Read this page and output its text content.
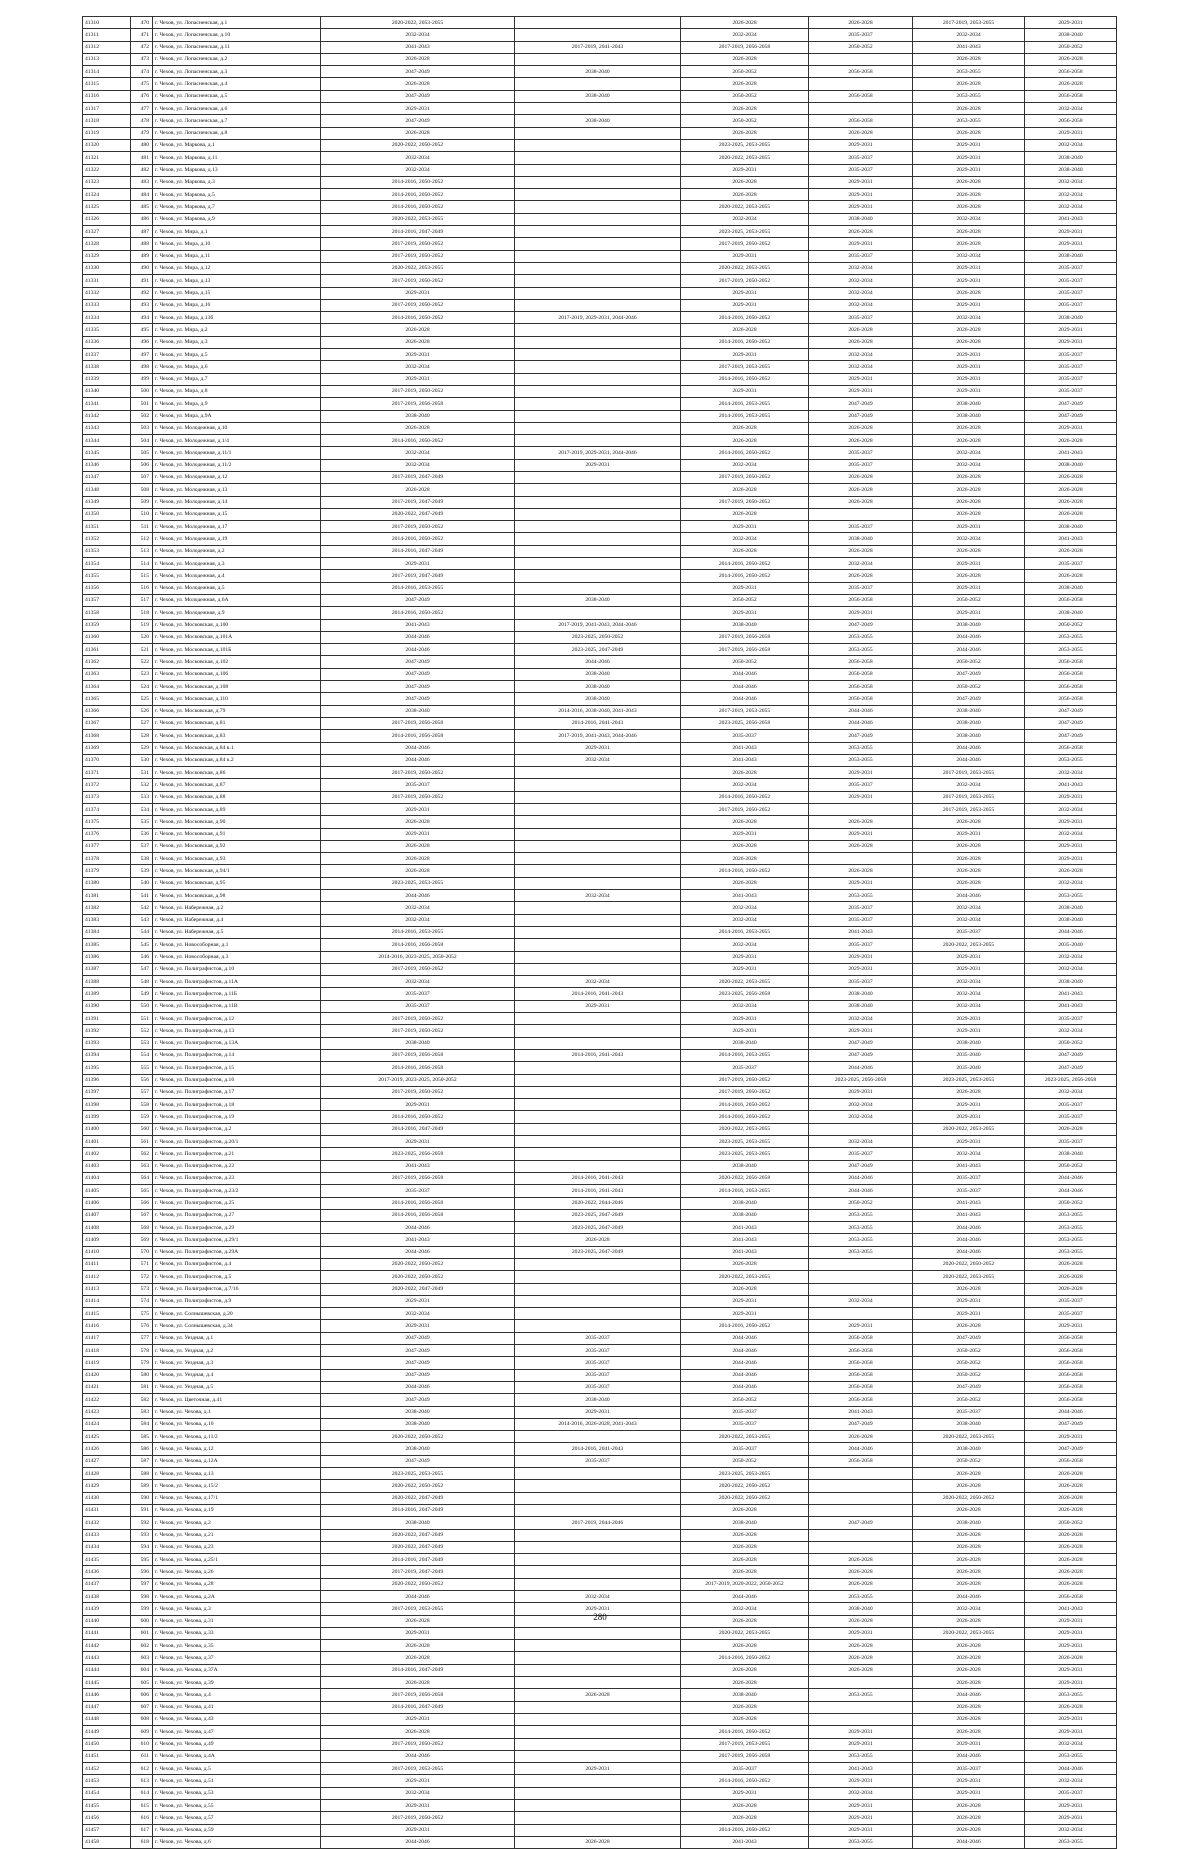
41310	470	г. Чехов, ул. Лопасненская, д.1	2020-2022, 2053-2055		2026-2028	2026-2028	2017-2019, 2053-2055	2029-2031
41311	471	г. Чехов, ул. Лопасненская, д.10	2032-2034		2032-2034	2035-2037	2032-2034	2038-2040
41312	472	г. Чехов, ул. Лопасненская, д.11	2041-2043	2017-2019, 2041-2043	2017-2019, 2056-2058	2050-2052	2041-2043	2050-2052
41313	473	г. Чехов, ул. Лопасненская, д.2	2026-2028		2026-2028		2026-2028	2026-2028
41314	474	г. Чехов, ул. Лопасненская, д.3	2047-2049	2038-2040	2050-2052	2056-2058	2053-2055	2056-2058
41315	475	г. Чехов, ул. Лопасненская, д.4	2026-2028		2026-2028		2026-2028	2026-2028
41316	476	г. Чехов, ул. Лопасненская, д.5	2047-2049	2038-2040	2050-2052	2056-2058	2053-2055	2056-2058
41317	477	г. Чехов, ул. Лопасненская, д.6	2029-2031		2026-2028		2026-2028	2032-2034
41318	478	г. Чехов, ул. Лопасненская, д.7	2047-2049	2038-2040	2050-2052	2056-2058	2053-2055	2056-2058
41319	479	г. Чехов, ул. Лопасненская, д.8	2026-2028		2026-2028	2026-2028	2026-2028	2029-2031
41320	480	г. Чехов, ул. Маркова, д.1	2020-2022, 2050-2052		2023-2025, 2053-2055	2029-2031	2029-2031	2032-2034
41321	481	г. Чехов, ул. Маркова, д.11	2032-2034		2020-2022, 2053-2055	2035-2037	2029-2031	2038-2040
41322	482	г. Чехов, ул. Маркова, д.13	2032-2034		2029-2031	2035-2037	2029-2031	2038-2040
41323	483	г. Чехов, ул. Маркова, д.3	2014-2016, 2050-2052		2026-2028	2029-2031	2026-2028	2032-2034
41324	484	г. Чехов, ул. Маркова, д.5	2014-2016, 2050-2052		2026-2028	2029-2031	2026-2028	2032-2034
41325	485	г. Чехов, ул. Маркова, д.7	2014-2016, 2050-2052		2020-2022, 2053-2055	2029-2031	2026-2028	2032-2034
41326	486	г. Чехов, ул. Маркова, д.9	2020-2022, 2053-2055		2032-2034	2038-2040	2032-2034	2041-2043
41327	487	г. Чехов, ул. Мира, д.1	2014-2016, 2047-2049		2023-2025, 2053-2055	2026-2028	2026-2028	2029-2031
41328	488	г. Чехов, ул. Мира, д.10	2017-2019, 2050-2052		2017-2019, 2050-2052	2029-2031	2026-2028	2029-2031
41329	489	г. Чехов, ул. Мира, д.11	2017-2019, 2050-2052		2029-2031	2035-2037	2032-2034	2038-2040
41330	490	г. Чехов, ул. Мира, д.12	2020-2022, 2053-2055		2020-2022, 2053-2055	2032-2034	2029-2031	2035-2037
41331	491	г. Чехов, ул. Мира, д.13	2017-2019, 2050-2052		2017-2019, 2050-2052	2032-2034	2029-2031	2035-2037
41332	492	г. Чехов, ул. Мира, д.15	2029-2031		2029-2031	2032-2034	2026-2028	2035-2037
41333	493	г. Чехов, ул. Мира, д.16	2017-2019, 2050-2052		2029-2031	2032-2034	2029-2031	2035-2037
41334	494	г. Чехов, ул. Мира, д.13б	2014-2016, 2050-2052	2017-2019, 2029-2031, 2044-2046	2014-2016, 2050-2052	2035-2037	2032-2034	2038-2040
41335	495	г. Чехов, ул. Мира, д.2	2026-2028		2026-2028	2026-2028	2026-2028	2029-2031
41336	496	г. Чехов, ул. Мира, д.3	2026-2028		2014-2016, 2050-2052	2026-2028	2026-2028	2029-2031
41337	497	г. Чехов, ул. Мира, д.5	2029-2031		2029-2031	2032-2034	2029-2031	2035-2037
41338	498	г. Чехов, ул. Мира, д.6	2032-2034		2017-2019, 2053-2055	2032-2034	2029-2031	2035-2037
41339	499	г. Чехов, ул. Мира, д.7	2029-2031		2014-2016, 2050-2052	2029-2031	2029-2031	2035-2037
41340	500	г. Чехов, ул. Мира, д.8	2017-2019, 2050-2052		2029-2031	2029-2031	2029-2031	2035-2037
41341	501	г. Чехов, ул. Мира, д.9	2017-2019, 2056-2058		2014-2016, 2053-2055	2047-2049	2038-2040	2047-2049
41342	502	г. Чехов, ул. Мира, д.9А	2038-2040		2014-2016, 2053-2055	2047-2049	2038-2040	2047-2049
41343	503	г. Чехов, ул. Молодежная, д.10	2026-2028		2026-2028	2026-2028	2026-2028	2029-2031
41344	504	г. Чехов, ул. Молодежная, д.1/4	2014-2016, 2050-2052		2026-2028	2026-2028	2026-2028	2026-2028
41345	505	г. Чехов, ул. Молодежная, д.11/1	2032-2034	2017-2019, 2029-2031, 2044-2046	2014-2016, 2050-2052	2035-2037	2032-2034	2041-2043
41346	506	г. Чехов, ул. Молодежная, д.11/2	2032-2034	2029-2031	2032-2034	2035-2037	2032-2034	2038-2040
41347	507	г. Чехов, ул. Молодежная, д.12	2017-2019, 2047-2049		2017-2019, 2050-2052	2026-2028	2026-2028	2026-2028
41348	508	г. Чехов, ул. Молодежная, д.13	2026-2028		2026-2028	2026-2028	2026-2028	2026-2028
41349	509	г. Чехов, ул. Молодежная, д.14	2017-2019, 2047-2049		2017-2019, 2050-2052	2026-2028	2026-2028	2026-2028
41350	510	г. Чехов, ул. Молодежная, д.15	2020-2022, 2047-2049		2026-2028		2026-2028	2026-2028
41351	511	г. Чехов, ул. Молодежная, д.17	2017-2019, 2050-2052		2029-2031	2035-2037	2029-2031	2038-2040
41352	512	г. Чехов, ул. Молодежная, д.19	2014-2016, 2050-2052		2032-2034	2038-2040	2032-2034	2041-2043
41353	513	г. Чехов, ул. Молодежная, д.2	2014-2016, 2047-2049		2026-2028	2026-2028	2026-2028	2026-2028
41354	514	г. Чехов, ул. Молодежная, д.3	2029-2031		2014-2016, 2050-2052	2032-2034	2029-2031	2035-2037
41355	515	г. Чехов, ул. Молодежная, д.4	2017-2019, 2047-2049		2014-2016, 2050-2052	2026-2028	2026-2028	2026-2028
41356	516	г. Чехов, ул. Молодежная, д.5	2014-2016, 2053-2055		2029-2031	2035-2037	2029-2031	2038-2040
41357	517	г. Чехов, ул. Молодежная, д.6А	2047-2049	2038-2040	2050-2052	2056-2058	2050-2052	2056-2058
41358	518	г. Чехов, ул. Молодежная, д.9	2014-2016, 2050-2052		2029-2031	2029-2031	2029-2031	2038-2040
41359	519	г. Чехов, ул. Московская, д.100	2041-2043	2017-2019, 2041-2043, 2044-2046	2038-2040	2047-2049	2038-2040	2050-2052
41360	520	г. Чехов, ул. Московская, д.101А	2044-2046	2023-2025, 2050-2052	2017-2019, 2056-2058	2053-2055	2044-2046	2053-2055
41361	521	г. Чехов, ул. Московская, д.101Б	2044-2046	2023-2025, 2047-2049	2017-2019, 2056-2058	2053-2055	2044-2046	2053-2055
41362	522	г. Чехов, ул. Московская, д.102	2047-2049	2044-2046	2050-2052	2056-2058	2050-2052	2056-2058
41363	523	г. Чехов, ул. Московская, д.106	2047-2049	2038-2040	2044-2046	2056-2058	2047-2049	2056-2058
41364	524	г. Чехов, ул. Московская, д.108	2047-2049	2038-2040	2044-2046	2056-2058	2050-2052	2056-2058
41365	525	г. Чехов, ул. Московская, д.110	2047-2049	2038-2040	2044-2046	2056-2058	2047-2049	2056-2058
41366	526	г. Чехов, ул. Московская, д.79	2038-2040	2014-2016, 2038-2040, 2041-2043	2017-2019, 2053-2055	2044-2046	2038-2040	2047-2049
41367	527	г. Чехов, ул. Московская, д.81	2017-2019, 2056-2058	2014-2016, 2041-2043	2023-2025, 2056-2058	2044-2046	2038-2040	2047-2049
41368	528	г. Чехов, ул. Московская, д.83	2014-2016, 2056-2058	2017-2019, 2041-2043, 2044-2046	2035-2037	2047-2049	2038-2040	2047-2049
41369	529	г. Чехов, ул. Московская, д.84 к.1	2044-2046	2029-2031	2041-2043	2053-2055	2044-2046	2056-2058
41370	530	г. Чехов, ул. Московская, д.84 к.2	2044-2046	2032-2034	2041-2043	2053-2055	2044-2046	2053-2055
41371	531	г. Чехов, ул. Московская, д.86	2017-2019, 2050-2052		2026-2028	2029-2031	2017-2019, 2053-2055	2032-2034
41372	532	г. Чехов, ул. Московская, д.87	2035-2037		2032-2034	2035-2037	2032-2034	2041-2043
41373	533	г. Чехов, ул. Московская, д.88	2017-2019, 2050-2052		2014-2016, 2050-2052	2029-2031	2017-2019, 2053-2055	2029-2031
41374	534	г. Чехов, ул. Московская, д.89	2029-2031		2017-2019, 2050-2052		2017-2019, 2053-2055	2032-2034
41375	535	г. Чехов, ул. Московская, д.90	2026-2028		2026-2028	2026-2028	2026-2028	2029-2031
41376	536	г. Чехов, ул. Московская, д.91	2029-2031		2029-2031	2029-2031	2029-2031	2032-2034
41377	537	г. Чехов, ул. Московская, д.92	2026-2028		2026-2028	2026-2028	2026-2028	2029-2031
41378	538	г. Чехов, ул. Московская, д.93	2026-2028		2026-2028		2026-2028	2029-2031
41379	539	г. Чехов, ул. Московская, д.94/1	2026-2028		2014-2016, 2050-2052	2026-2028	2026-2028	2026-2028
41380	540	г. Чехов, ул. Московская, д.95	2023-2025, 2053-2055		2026-2028	2029-2031	2026-2028	2032-2034
41381	541	г. Чехов, ул. Московская, д.98	2044-2046	2032-2034	2041-2043	2053-2055	2044-2046	2053-2055
41382	542	г. Чехов, ул. Набережная, д.2	2032-2034		2032-2034	2035-2037	2032-2034	2038-2040
41383	543	г. Чехов, ул. Набережная, д.4	2032-2034		2032-2034	2035-2037	2032-2034	2038-2040
41384	544	г. Чехов, ул. Набережная, д.5	2014-2016, 2053-2055		2014-2016, 2053-2055	2041-2043	2035-2037	2044-2046
41385	545	г. Чехов, ул. Новособорная, д.1	2014-2016, 2056-2058		2032-2034	2035-2037	2020-2022, 2053-2055	2035-2040
41386	546	г. Чехов, ул. Новособорная, д.3	2014-2016, 2023-2025, 2050-2052		2029-2031	2029-2031	2029-2031	2032-2034
41387	547	г. Чехов, ул. Полиграфистов, д.10	2017-2019, 2050-2052		2029-2031	2029-2031	2029-2031	2032-2034
41388	548	г. Чехов, ул. Полиграфистов, д.11А	2032-2034	2032-2034	2020-2022, 2053-2055	2035-2037	2032-2034	2038-2040
41389	549	г. Чехов, ул. Полиграфистов, д.11Б	2035-2037	2014-2016, 2041-2043	2023-2025, 2056-2058	2038-2040	2032-2034	2041-2043
41390	550	г. Чехов, ул. Полиграфистов, д.11В	2035-2037	2029-2031	2032-2034	2038-2040	2032-2034	2041-2043
41391	551	г. Чехов, ул. Полиграфистов, д.12	2017-2019, 2050-2052		2029-2031	2032-2034	2029-2031	2035-2037
41392	552	г. Чехов, ул. Полиграфистов, д.13	2017-2019, 2050-2052		2029-2031	2029-2031	2029-2031	2032-2034
41393	553	г. Чехов, ул. Полиграфистов, д.13А	2038-2040		2038-2040	2047-2049	2038-2040	2050-2052
41394	554	г. Чехов, ул. Полиграфистов, д.14	2017-2019, 2056-2058	2014-2016, 2041-2043	2014-2016, 2053-2055	2047-2049	2035-2040	2047-2049
41395	555	г. Чехов, ул. Полиграфистов, д.15	2014-2016, 2056-2058		2035-2037	2044-2046	2035-2040	2047-2049
41396	556	г. Чехов, ул. Полиграфистов, д.16	2017-2019, 2023-2025, 2050-2052		2017-2019, 2050-2052	2023-2025, 2056-2058	2023-2025, 2053-2055	2023-2025, 2056-2058
41397	557	г. Чехов, ул. Полиграфистов, д.17	2017-2019, 2050-2052		2017-2019, 2050-2052	2029-2031	2026-2028	2032-2034
41398	558	г. Чехов, ул. Полиграфистов, д.18	2029-2031		2014-2016, 2050-2052	2032-2034	2029-2031	2035-2037
41399	559	г. Чехов, ул. Полиграфистов, д.19	2014-2016, 2050-2052		2014-2016, 2050-2052	2032-2034	2029-2031	2035-2037
41400	560	г. Чехов, ул. Полиграфистов, д.2	2014-2016, 2047-2049		2020-2022, 2053-2055		2020-2022, 2053-2055	2026-2028
41401	561	г. Чехов, ул. Полиграфистов, д.20/1	2029-2031		2023-2025, 2053-2055	2032-2034	2029-2031	2035-2037
41402	562	г. Чехов, ул. Полиграфистов, д.21	2023-2025, 2056-2058		2023-2025, 2053-2055	2035-2037	2032-2034	2038-2040
41403	563	г. Чехов, ул. Полиграфистов, д.22	2041-2043		2038-2040	2047-2049	2041-2043	2050-2052
41404	564	г. Чехов, ул. Полиграфистов, д.23	2017-2019, 2056-2058	2014-2016, 2041-2043	2020-2022, 2056-2058	2044-2046	2035-2037	2044-2046
41405	565	г. Чехов, ул. Полиграфистов, д.23/2	2035-2037	2014-2016, 2041-2043	2014-2016, 2053-2055	2044-2046	2035-2037	2044-2046
41406	566	г. Чехов, ул. Полиграфистов, д.25	2014-2016, 2056-2058	2020-2022, 2044-2046	2038-2040	2050-2052	2041-2043	2050-2052
41407	567	г. Чехов, ул. Полиграфистов, д.27	2014-2016, 2056-2058	2023-2025, 2047-2049	2038-2040	2053-2055	2041-2043	2053-2055
41408	568	г. Чехов, ул. Полиграфистов, д.29	2044-2046	2023-2025, 2047-2049	2041-2043	2053-2055	2044-2046	2053-2055
41409	569	г. Чехов, ул. Полиграфистов, д.29/1	2041-2043	2026-2028	2041-2043	2053-2055	2044-2046	2053-2055
41410	570	г. Чехов, ул. Полиграфистов, д.29А	2044-2046	2023-2025, 2047-2049	2041-2043	2053-2055	2044-2046	2053-2055
41411	571	г. Чехов, ул. Полиграфистов, д.4	2020-2022, 2050-2052		2026-2028		2020-2022, 2050-2052	2026-2028
41412	572	г. Чехов, ул. Полиграфистов, д.5	2020-2022, 2050-2052		2020-2022, 2053-2055		2020-2022, 2053-2055	2026-2028
41413	573	г. Чехов, ул. Полиграфистов, д.7/16	2020-2022, 2047-2049		2026-2028		2026-2028	2026-2028
41414	574	г. Чехов, ул. Полиграфистов, д.9	2029-2031		2029-2031	2032-2034	2029-2031	2035-2037
41415	575	г. Чехов, ул. Солнышевская, д.20	2032-2034		2029-2031		2029-2031	2035-2037
41416	576	г. Чехов, ул. Солнышевская, д.34	2029-2031		2014-2016, 2050-2052	2029-2031	2026-2028	2029-2031
41417	577	г. Чехов, ул. Уездная, д.1	2047-2049	2035-2037	2044-2046	2056-2058	2047-2049	2056-2058
41418	578	г. Чехов, ул. Уездная, д.2	2047-2049	2035-2037	2044-2046	2056-2058	2050-2052	2056-2058
41419	579	г. Чехов, ул. Уездная, д.3	2047-2049	2035-2037	2044-2046	2056-2058	2050-2052	2056-2058
41420	580	г. Чехов, ул. Уездная, д.4	2047-2049	2035-2037	2044-2046	2056-2058	2050-2052	2056-2058
41421	581	г. Чехов, ул. Уездная, д.5	2044-2046	2035-2037	2044-2046	2056-2058	2047-2049	2056-2058
41422	582	г. Чехов, ул. Цветочная, д.41	2047-2049	2038-2040	2050-2052	2056-2058	2050-2052	2056-2058
41423	583	г. Чехов, ул. Чехова, д.1	2038-2040	2029-2031	2035-2037	2041-2043	2035-2037	2044-2046
41424	584	г. Чехов, ул. Чехова, д.10	2038-2040	2014-2016, 2026-2028, 2041-2043	2035-2037	2047-2049	2038-2040	2047-2049
41425	585	г. Чехов, ул. Чехова, д.11/2	2020-2022, 2050-2052		2020-2022, 2053-2055	2026-2028	2020-2022, 2053-2055	2029-2031
41426	586	г. Чехов, ул. Чехова, д.12	2038-2040	2014-2016, 2041-2043	2035-2037	2044-2046	2038-2040	2047-2049
41427	587	г. Чехов, ул. Чехова, д.12А	2047-2049	2035-2037	2050-2052	2056-2058	2050-2052	2056-2058
41428	588	г. Чехов, ул. Чехова, д.13	2023-2025, 2053-2055		2023-2025, 2053-2055		2026-2028	2026-2028
41429	589	г. Чехов, ул. Чехова, д.15/2	2020-2022, 2050-2052		2020-2022, 2050-2052		2026-2028	2026-2028
41430	590	г. Чехов, ул. Чехова, д.17/1	2020-2022, 2047-2049		2020-2022, 2050-2052		2020-2022, 2050-2052	2026-2028
41431	591	г. Чехов, ул. Чехова, д.19	2014-2016, 2047-2049		2026-2028		2026-2028	2026-2028
41432	592	г. Чехов, ул. Чехова, д.2	2038-2040	2017-2019, 2044-2046	2038-2040	2047-2049	2038-2040	2050-2052
41433	593	г. Чехов, ул. Чехова, д.21	2020-2022, 2047-2049		2026-2028		2026-2028	2026-2028
41434	594	г. Чехов, ул. Чехова, д.23	2020-2022, 2047-2049		2026-2028		2026-2028	2026-2028
41435	595	г. Чехов, ул. Чехова, д.25/1	2014-2016, 2047-2049		2026-2028	2026-2028	2026-2028	2026-2028
41436	596	г. Чехов, ул. Чехова, д.26	2017-2019, 2047-2049		2026-2028	2026-2028	2026-2028	2026-2028
41437	597	г. Чехов, ул. Чехова, д.28	2020-2022, 2050-2052		2017-2019, 2020-2022, 2050-2052	2026-2028	2026-2028	2026-2028
41438	598	г. Чехов, ул. Чехова, д.2А	2044-2046	2032-2034	2044-2046	2053-2055	2044-2046	2056-2058
41439	599	г. Чехов, ул. Чехова, д.3	2017-2019, 2053-2055	2029-2031	2032-2034	2038-2040	2032-2034	2041-2043
41440	600	г. Чехов, ул. Чехова, д.31	2026-2028		2026-2028	2026-2028	2026-2028	2029-2031
41441	601	г. Чехов, ул. Чехова, д.33	2029-2031		2020-2022, 2053-2055	2029-2031	2020-2022, 2053-2055	2029-2031
41442	602	г. Чехов, ул. Чехова, д.35	2026-2028		2026-2028	2026-2028	2026-2028	2029-2031
41443	603	г. Чехов, ул. Чехова, д.37	2026-2028		2014-2016, 2050-2052	2026-2028	2026-2028	2026-2028
41444	604	г. Чехов, ул. Чехова, д.37А	2014-2016, 2047-2049		2026-2028	2026-2028	2026-2028	2029-2031
41445	605	г. Чехов, ул. Чехова, д.39	2026-2028		2026-2028		2026-2028	2029-2031
41446	606	г. Чехов, ул. Чехова, д.4	2017-2019, 2056-2058	2026-2028	2038-2040	2053-2055	2044-2046	2053-2055
41447	607	г. Чехов, ул. Чехова, д.41	2014-2016, 2047-2049		2026-2028		2026-2028	2026-2028
41448	608	г. Чехов, ул. Чехова, д.43	2029-2031		2026-2028		2026-2028	2029-2031
41449	609	г. Чехов, ул. Чехова, д.47	2026-2028		2014-2016, 2050-2052	2029-2031	2026-2028	2029-2031
41450	610	г. Чехов, ул. Чехова, д.49	2017-2019, 2050-2052		2017-2019, 2053-2055	2029-2031	2029-2031	2032-2034
41451	611	г. Чехов, ул. Чехова, д.4А	2044-2046		2017-2019, 2056-2058	2053-2055	2044-2046	2053-2055
41452	612	г. Чехов, ул. Чехова, д.5	2017-2019, 2053-2055	2029-2031	2035-2037	2041-2043	2035-2037	2044-2046
41453	613	г. Чехов, ул. Чехова, д.51	2029-2031		2014-2016, 2050-2052	2029-2031	2029-2031	2032-2034
41454	614	г. Чехов, ул. Чехова, д.53	2032-2034		2029-2031	2032-2034	2029-2031	2035-2037
41455	615	г. Чехов, ул. Чехова, д.55	2029-2031		2026-2028	2029-2031	2026-2028	2029-2031
41456	616	г. Чехов, ул. Чехова, д.57	2017-2019, 2050-2052		2026-2028	2029-2031	2026-2028	2029-2031
41457	617	г. Чехов, ул. Чехова, д.59	2029-2031		2014-2016, 2050-2052	2029-2031	2026-2028	2032-2034
41458	618	г. Чехов, ул. Чехова, д.6	2044-2046	2026-2028	2041-2043	2053-2055	2044-2046	2053-2055
280
